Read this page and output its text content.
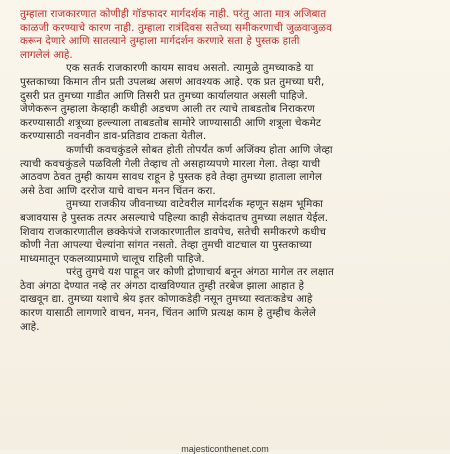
तुम्हाला राजकारणात कोणीही गॉडफादर मार्गदर्शक नाही. परंतु आता मात्र अजिबात
काळजी करण्याचे कारण नाही. तुम्हाला रात्रंदिवस सतेच्या समीकरणाची जुळवाजुळव
करून देणारे आणि सातत्याने तुम्हाला मार्गदर्शन करणारे सता हे पुस्तक हाती
लागलेलं आहे.

एक सतर्क राजकारणी कायम सावध असतो. त्यामुळे तुमच्याकडे या
पुस्तकाच्या किमान तीन प्रती उपलब्ध असणं आवश्यक आहे. एक प्रत तुमच्या घरी,
दुसरी प्रत तुमच्या गाडीत आणि तिसरी प्रत तुमच्या कार्यालयात असली पाहिजे.
जेणेकरून तुम्हाला केव्हाही कधीही अडचण आली तर त्याचे ताबडतोब निराकरण
करण्यासाठी शत्रूच्या हल्ल्याला ताबडतोब सामोरे जाण्यासाठी आणि शत्रूला चेकमेट
करण्यासाठी नवनवीन डाव-प्रतिडाव टाकता येतील.

कर्णाची कवचकुंडले सोबत होती तोपर्यंत कर्ण अजिंक्य होता आणि जेव्हा
त्याची कवचकुंडले पळविली गेली तेव्हाच तो असहाय्यपणे मारला गेला. तेव्हा याची
आठवण ठेवत तुम्ही कायम सावध राहून हे पुस्तक हवे तेव्हा तुमच्या हाताला लागेल
असे ठेवा आणि दररोज याचे वाचन मनन चिंतन करा.

तुमच्या राजकीय जीवनाच्या वाटेवरील मार्गदर्शक म्हणून सक्षम भूमिका
बजावयास हे पुस्तक तत्पर असल्याचे पहिल्या काही सेकंदातच तुमच्या लक्षात येईल.
शिवाय राजकारणातील छक्केपंजे राजकारणातील डावपेच, सतेची समीकरणे कधीच
कोणी नेता आपल्या चेल्यांना सांगत नसतो. तेव्हा तुमची वाटचाल या पुस्तकाच्या
माध्यमातून एकलव्याप्रमाणे चालूच राहिली पाहिजे.

परंतु तुमचे यश पाहून जर कोणी द्रोणाचार्य बनून अंगठा मागेल तर लक्षात
ठेवा अंगठा देण्यात नव्हे तर अंगठा दाखविण्यात तुम्ही तरबेज झाला आहात हे
दाखवून द्या. तुमच्या यशाचे श्रेय इतर कोणाकडेही नसून तुमच्या स्वतःकडेच आहे
कारण यासाठी लागणारे वाचन, मनन, चिंतन आणि प्रत्यक्ष काम हे तुम्हीच केलेले
आहे.

majesticonthenet.com
